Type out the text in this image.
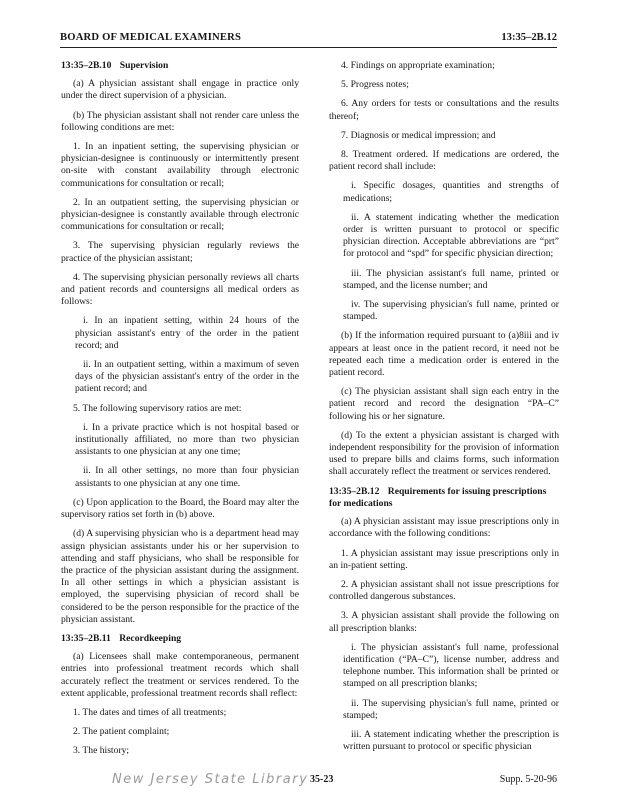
BOARD OF MEDICAL EXAMINERS	13:35–2B.12
13:35–2B.10 Supervision

(a) A physician assistant shall engage in practice only under the direct supervision of a physician.

(b) The physician assistant shall not render care unless the following conditions are met:

1. In an inpatient setting, the supervising physician or physician-designee is continuously or intermittently present on-site with constant availability through electronic communications for consultation or recall;

2. In an outpatient setting, the supervising physician or physician-designee is constantly available through electronic communications for consultation or recall;

3. The supervising physician regularly reviews the practice of the physician assistant;

4. The supervising physician personally reviews all charts and patient records and countersigns all medical orders as follows:

i. In an inpatient setting, within 24 hours of the physician assistant's entry of the order in the patient record; and

ii. In an outpatient setting, within a maximum of seven days of the physician assistant's entry of the order in the patient record; and

5. The following supervisory ratios are met:

i. In a private practice which is not hospital based or institutionally affiliated, no more than two physician assistants to one physician at any one time;

ii. In all other settings, no more than four physician assistants to one physician at any one time.

(c) Upon application to the Board, the Board may alter the supervisory ratios set forth in (b) above.

(d) A supervising physician who is a department head may assign physician assistants under his or her supervision to attending and staff physicians, who shall be responsible for the practice of the physician assistant during the assignment. In all other settings in which a physician assistant is employed, the supervising physician of record shall be considered to be the person responsible for the practice of the physician assistant.

13:35–2B.11 Recordkeeping

(a) Licensees shall make contemporaneous, permanent entries into professional treatment records which shall accurately reflect the treatment or services rendered. To the extent applicable, professional treatment records shall reflect:

1. The dates and times of all treatments;

2. The patient complaint;

3. The history;

4. Findings on appropriate examination;

5. Progress notes;

6. Any orders for tests or consultations and the results thereof;

7. Diagnosis or medical impression; and

8. Treatment ordered. If medications are ordered, the patient record shall include:

i. Specific dosages, quantities and strengths of medications;

ii. A statement indicating whether the medication order is written pursuant to protocol or specific physician direction. Acceptable abbreviations are “prt” for protocol and “spd” for specific physician direction;

iii. The physician assistant's full name, printed or stamped, and the license number; and

iv. The supervising physician's full name, printed or stamped.

(b) If the information required pursuant to (a)8iii and iv appears at least once in the patient record, it need not be repeated each time a medication order is entered in the patient record.

(c) The physician assistant shall sign each entry in the patient record and record the designation “PA–C” following his or her signature.

(d) To the extent a physician assistant is charged with independent responsibility for the provision of information used to prepare bills and claims forms, such information shall accurately reflect the treatment or services rendered.

13:35–2B.12 Requirements for issuing prescriptions for medications

(a) A physician assistant may issue prescriptions only in accordance with the following conditions:

1. A physician assistant may issue prescriptions only in an in-patient setting.

2. A physician assistant shall not issue prescriptions for controlled dangerous substances.

3. A physician assistant shall provide the following on all prescription blanks:

i. The physician assistant's full name, professional identification (“PA–C”), license number, address and telephone number. This information shall be printed or stamped on all prescription blanks;

ii. The supervising physician's full name, printed or stamped;

iii. A statement indicating whether the prescription is written pursuant to protocol or specific physician

New Jersey State Library 35-23	Supp. 5-20-96
